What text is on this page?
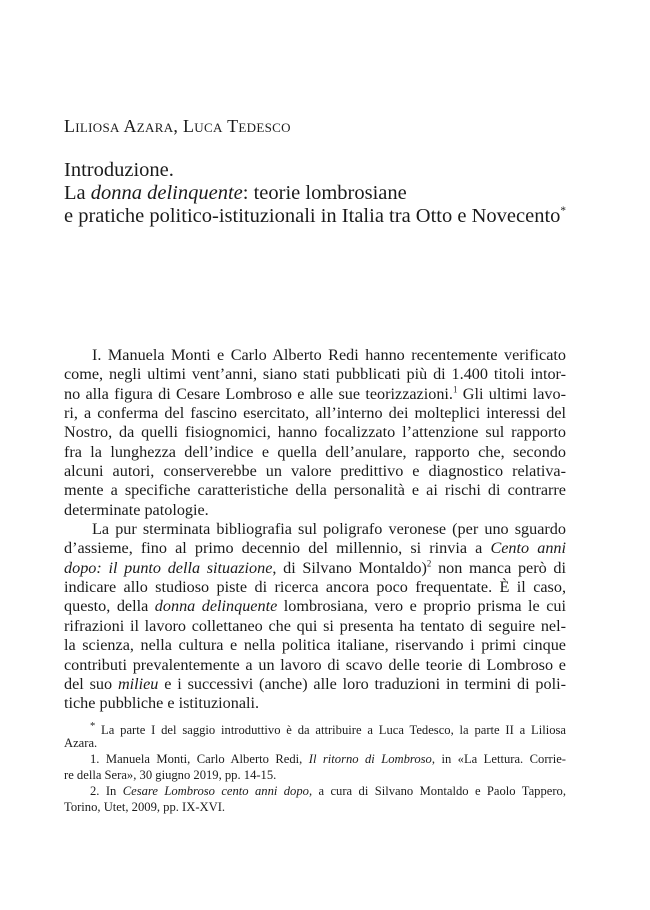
Liliosa Azara, Luca Tedesco
Introduzione.
La donna delinquente: teorie lombrosiane
e pratiche politico-istituzionali in Italia tra Otto e Novecento*
I. Manuela Monti e Carlo Alberto Redi hanno recentemente verificato
come, negli ultimi vent’anni, siano stati pubblicati più di 1.400 titoli intor-
no alla figura di Cesare Lombroso e alle sue teorizzazioni.$^1$ Gli ultimi lavo-
ri, a conferma del fascino esercitato, all’interno dei molteplici interessi del
Nostro, da quelli fisiognomici, hanno focalizzato l’attenzione sul rapporto
fra la lunghezza dell’indice e quella dell’anulare, rapporto che, secondo
alcuni autori, conserverebbe un valore predittivo e diagnostico relativa-
mente a specifiche caratteristiche della personalità e ai rischi di contrarre
determinate patologie.
La pur sterminata bibliografia sul poligrafo veronese (per uno sguardo
d’assieme, fino al primo decennio del millennio, si rinvia a Cento anni
dopo: il punto della situazione, di Silvano Montaldo)$^2$ non manca però di
indicare allo studioso piste di ricerca ancora poco frequentate. È il caso,
questo, della donna delinquente lombrosiana, vero e proprio prisma le cui
rifrazioni il lavoro collettaneo che qui si presenta ha tentato di seguire nel-
la scienza, nella cultura e nella politica italiane, riservando i primi cinque
contributi prevalentemente a un lavoro di scavo delle teorie di Lombroso e
del suo milieu e i successivi (anche) alle loro traduzioni in termini di poli-
tiche pubbliche e istituzionali.
* La parte I del saggio introduttivo è da attribuire a Luca Tedesco, la parte II a Liliosa
Azara.
1. Manuela Monti, Carlo Alberto Redi, Il ritorno di Lombroso, in «La Lettura. Corrie-
re della Sera», 30 giugno 2019, pp. 14-15.
2. In Cesare Lombroso cento anni dopo, a cura di Silvano Montaldo e Paolo Tappero,
Torino, Utet, 2009, pp. IX-XVI.
